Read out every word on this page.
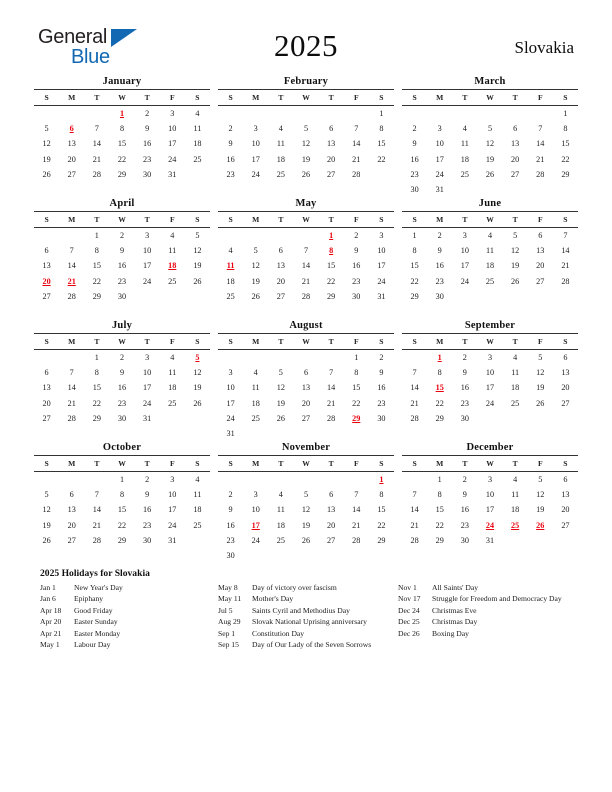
General
Blue	2025	Slovakia
January
S	M	T	W	T	F	S
			1	2	3	4
5	6	7	8	9	10	11
12	13	14	15	16	17	18
19	20	21	22	23	24	25
26	27	28	29	30	31	
February
S	M	T	W	T	F	S
						1
2	3	4	5	6	7	8
9	10	11	12	13	14	15
16	17	18	19	20	21	22
23	24	25	26	27	28	
March
S	M	T	W	T	F	S
						1
2	3	4	5	6	7	8
9	10	11	12	13	14	15
16	17	18	19	20	21	22
23	24	25	26	27	28	29
30	31					
April
S	M	T	W	T	F	S
		1	2	3	4	5
6	7	8	9	10	11	12
13	14	15	16	17	18	19
20	21	22	23	24	25	26
27	28	29	30			
May
S	M	T	W	T	F	S
				1	2	3
4	5	6	7	8	9	10
11	12	13	14	15	16	17
18	19	20	21	22	23	24
25	26	27	28	29	30	31
June
S	M	T	W	T	F	S
1	2	3	4	5	6	7
8	9	10	11	12	13	14
15	16	17	18	19	20	21
22	23	24	25	26	27	28
29	30					
July
S	M	T	W	T	F	S
		1	2	3	4	5
6	7	8	9	10	11	12
13	14	15	16	17	18	19
20	21	22	23	24	25	26
27	28	29	30	31		
August
S	M	T	W	T	F	S
					1	2
3	4	5	6	7	8	9
10	11	12	13	14	15	16
17	18	19	20	21	22	23
24	25	26	27	28	29	30
31						
September
S	M	T	W	T	F	S
	1	2	3	4	5	6
7	8	9	10	11	12	13
14	15	16	17	18	19	20
21	22	23	24	25	26	27
28	29	30				
October
S	M	T	W	T	F	S
			1	2	3	4
5	6	7	8	9	10	11
12	13	14	15	16	17	18
19	20	21	22	23	24	25
26	27	28	29	30	31	
November
S	M	T	W	T	F	S
						1
2	3	4	5	6	7	8
9	10	11	12	13	14	15
16	17	18	19	20	21	22
23	24	25	26	27	28	29
30						
December
S	M	T	W	T	F	S
	1	2	3	4	5	6
7	8	9	10	11	12	13
14	15	16	17	18	19	20
21	22	23	24	25	26	27
28	29	30	31			
2025 Holidays for Slovakia
Jan 1	New Year's Day
Jan 6	Epiphany
Apr 18	Good Friday
Apr 20	Easter Sunday
Apr 21	Easter Monday
May 1	Labour Day
May 8	Day of victory over fascism
May 11	Mother's Day
Jul 5	Saints Cyril and Methodius Day
Aug 29	Slovak National Uprising anniversary
Sep 1	Constitution Day
Sep 15	Day of Our Lady of the Seven Sorrows
Nov 1	All Saints' Day
Nov 17	Struggle for Freedom and Democracy Day
Dec 24	Christmas Eve
Dec 25	Christmas Day
Dec 26	Boxing Day
